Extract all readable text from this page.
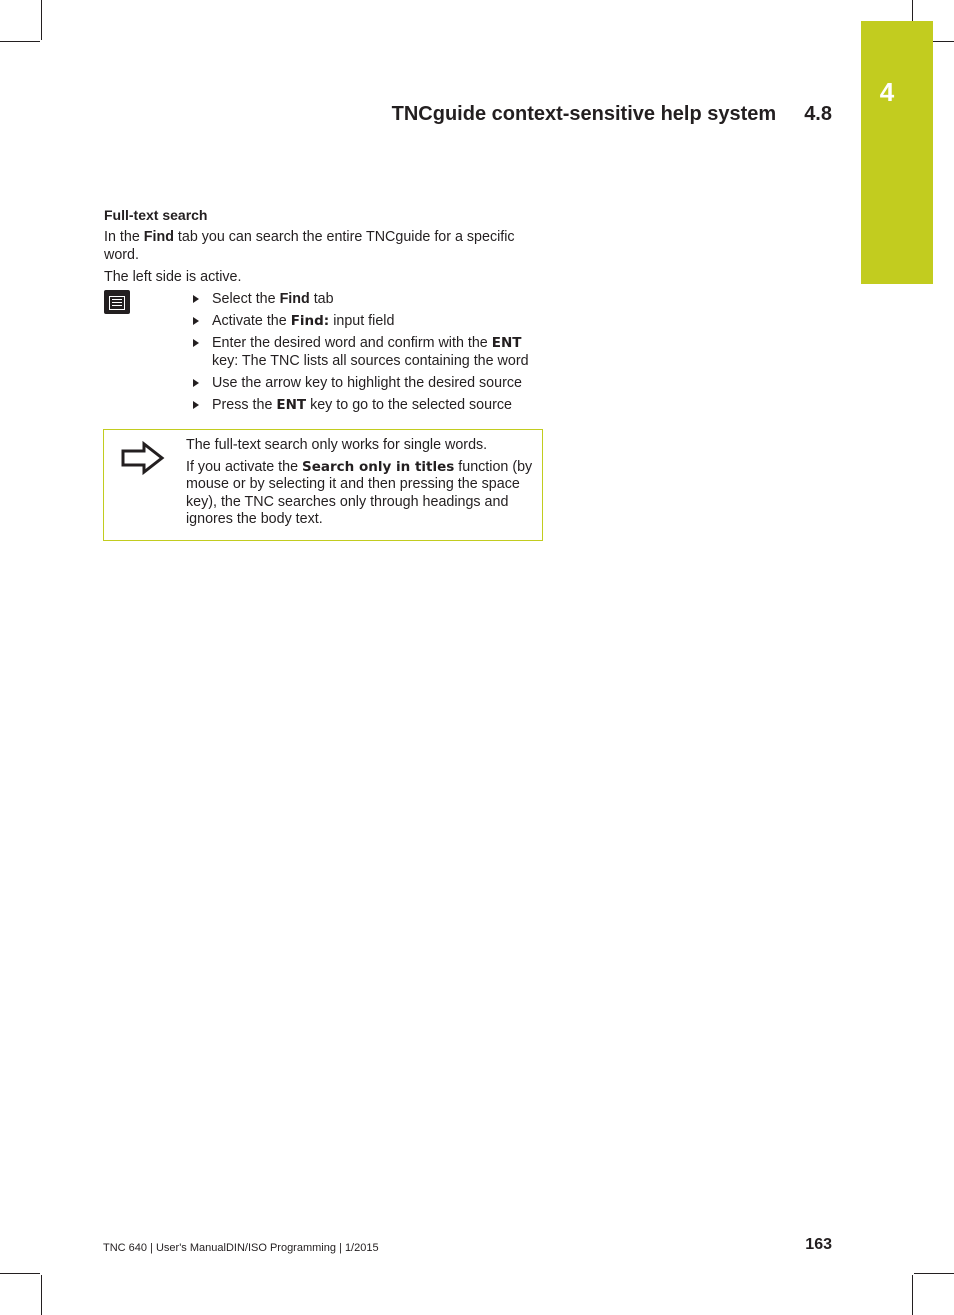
4
TNCguide context-sensitive help system 4.8
Full-text search
In the Find tab you can search the entire TNCguide for a specific word.
The left side is active.
Select the Find tab
Activate the Find: input field
Enter the desired word and confirm with the ENT key: The TNC lists all sources containing the word
Use the arrow key to highlight the desired source
Press the ENT key to go to the selected source

The full-text search only works for single words.

If you activate the Search only in titles function (by mouse or by selecting it and then pressing the space key), the TNC searches only through headings and ignores the body text.

TNC 640 | User's ManualDIN/ISO Programming | 1/2015	163
